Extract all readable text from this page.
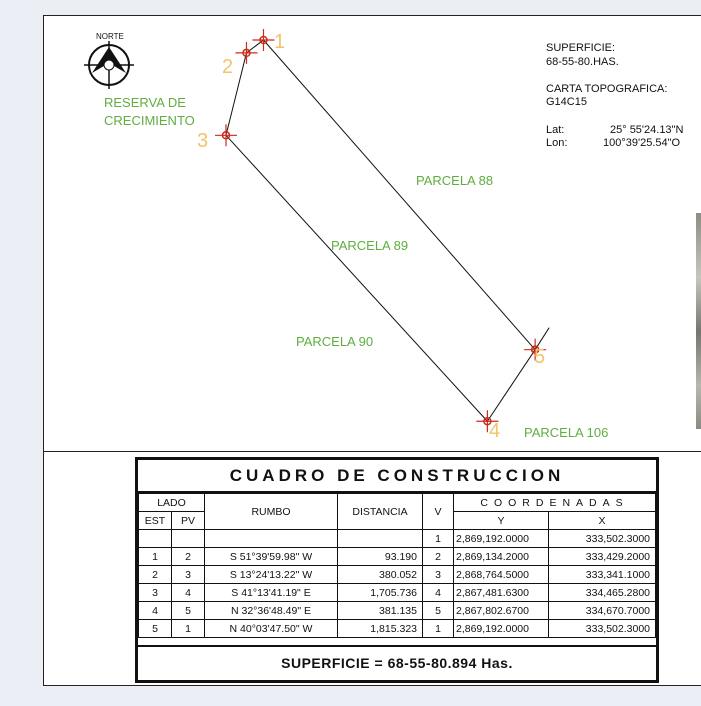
NORTE	1
2
3
4
5
RESERVA DE
CRECIMIENTO
PARCELA 88
PARCELA 89
PARCELA 90
PARCELA 106
SUPERFICIE:
68-55-80.HAS.
CARTA TOPOGRAFICA:
G14C15
Lat:	25° 55'24.13"N
Lon:	100°39'25.54"O
CUADRO DE CONSTRUCCION
LADO		RUMBO	DISTANCIA	V	COORDENADAS	
EST	PV				Y	X
				1	2,869,192.0000	333,502.3000
1	2	S 51°39'59.98" W	93.190	2	2,869,134.2000	333,429.2000
2	3	S 13°24'13.22" W	380.052	3	2,868,764.5000	333,341.1000
3	4	S 41°13'41.19" E	1,705.736	4	2,867,481.6300	334,465.2800
4	5	N 32°36'48.49" E	381.135	5	2,867,802.6700	334,670.7000
5	1	N 40°03'47.50" W	1,815.323	1	2,869,192.0000	333,502.3000
SUPERFICIE = 68-55-80.894 Has.
